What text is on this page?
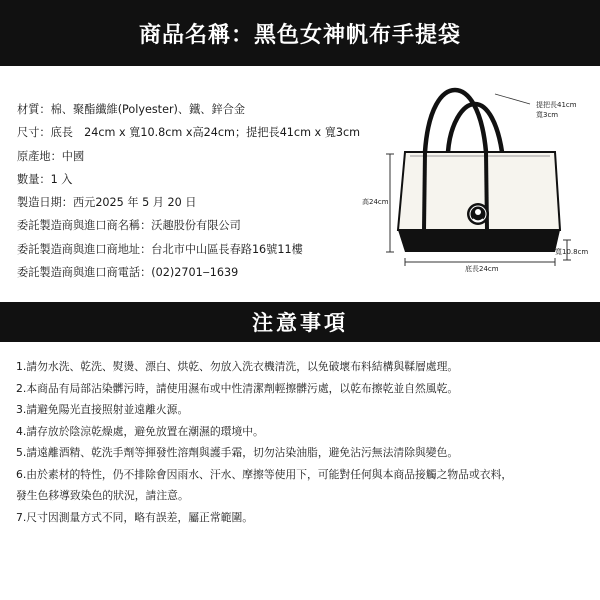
商品名稱：黑色女神帆布手提袋
材質：棉、聚酯纖維(Polyester)、鐵、鋅合金
尺寸：底長　24cm x 寬10.8cm x高24cm；提把長41cm x 寬3cm
原產地：中國
數量：1 入
製造日期：西元2025 年 5 月 20 日
委託製造商與進口商名稱：沃趣股份有限公司
委託製造商與進口商地址：台北市中山區長春路16號11樓
委託製造商與進口商電話：(02)2701‒1639
提把長41cm
寬3cm
高24cm
寬10.8cm
底長24cm
注意事項
1.請勿水洗、乾洗、熨燙、漂白、烘乾、勿放入洗衣機清洗，以免破壞布料結構與鞣層處理。
2.本商品有局部沾染髒污時，請使用濕布或中性清潔劑輕擦髒污處，以乾布擦乾並自然風乾。
3.請避免陽光直接照射並遠離火源。
4.請存放於陰涼乾燥處，避免放置在潮濕的環境中。
5.請遠離酒精、乾洗手劑等揮發性溶劑與護手霜，切勿沾染油脂，避免沾污無法清除與變色。
6.由於素材的特性，仍不排除會因雨水、汗水、摩擦等使用下，可能對任何與本商品接觸之物品或衣料，
發生色移導致染色的狀況，請注意。
7.尺寸因測量方式不同，略有誤差，屬正常範圍。
